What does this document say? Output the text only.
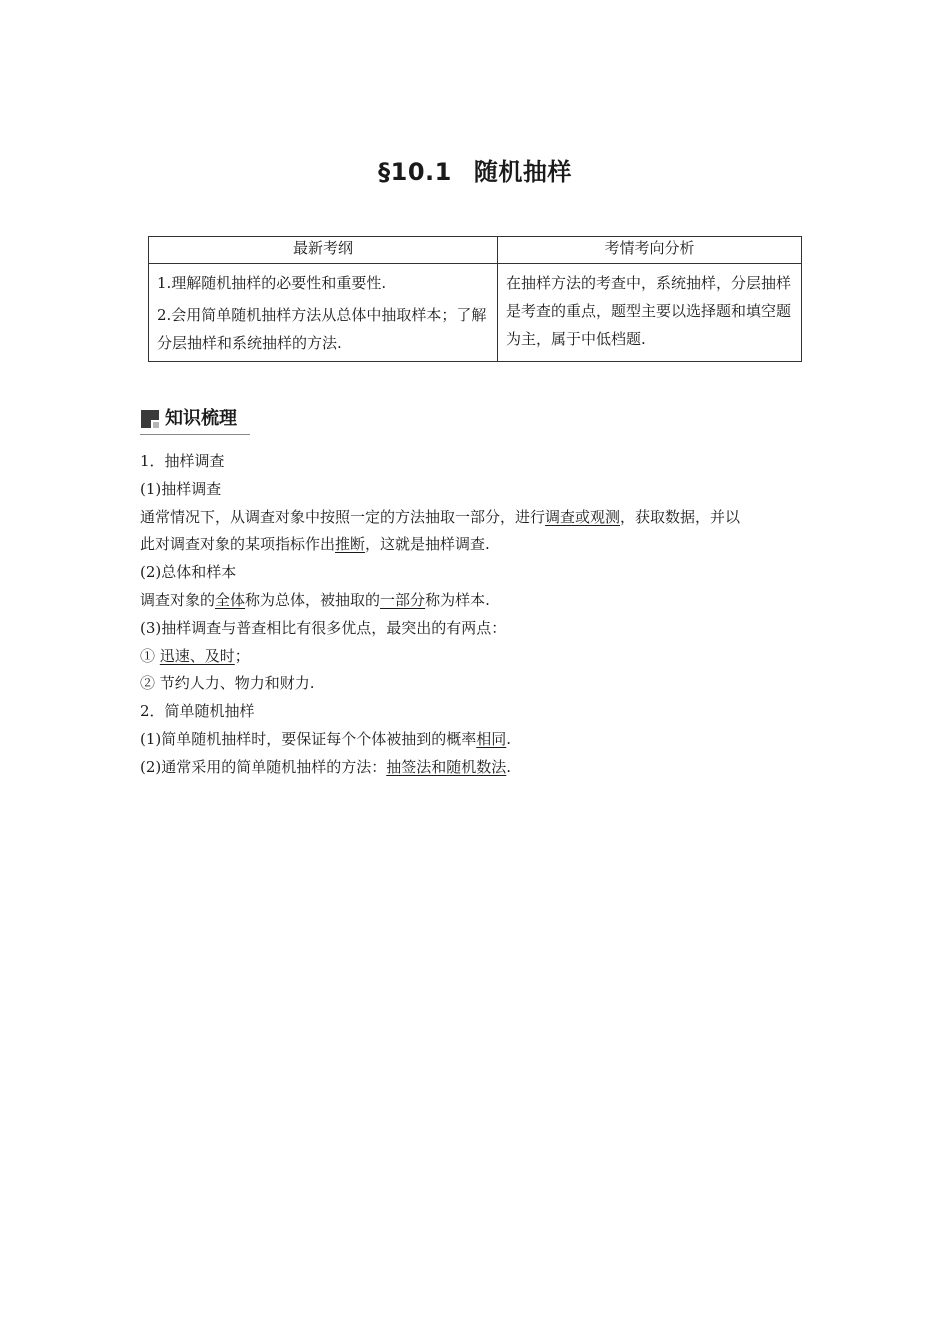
§10.1 随机抽样
最新考纲	考情考向分析

1.理解随机抽样的必要性和重要性.

2.会用简单随机抽样方法从总体中抽取样本；了解分层抽样和系统抽样的方法.	在抽样方法的考查中，系统抽样，分层抽样是考查的重点，题型主要以选择题和填空题为主，属于中低档题.
知识梳理
1．抽样调查
(1)抽样调查
通常情况下，从调查对象中按照一定的方法抽取一部分，进行调查或观测，获取数据，并以
此对调查对象的某项指标作出推断，这就是抽样调查.
(2)总体和样本
调查对象的全体称为总体，被抽取的一部分称为样本.
(3)抽样调查与普查相比有很多优点，最突出的有两点：
① 迅速、及时；
② 节约人力、物力和财力.
2．简单随机抽样
(1)简单随机抽样时，要保证每个个体被抽到的概率相同.
(2)通常采用的简单随机抽样的方法：抽签法和随机数法.
